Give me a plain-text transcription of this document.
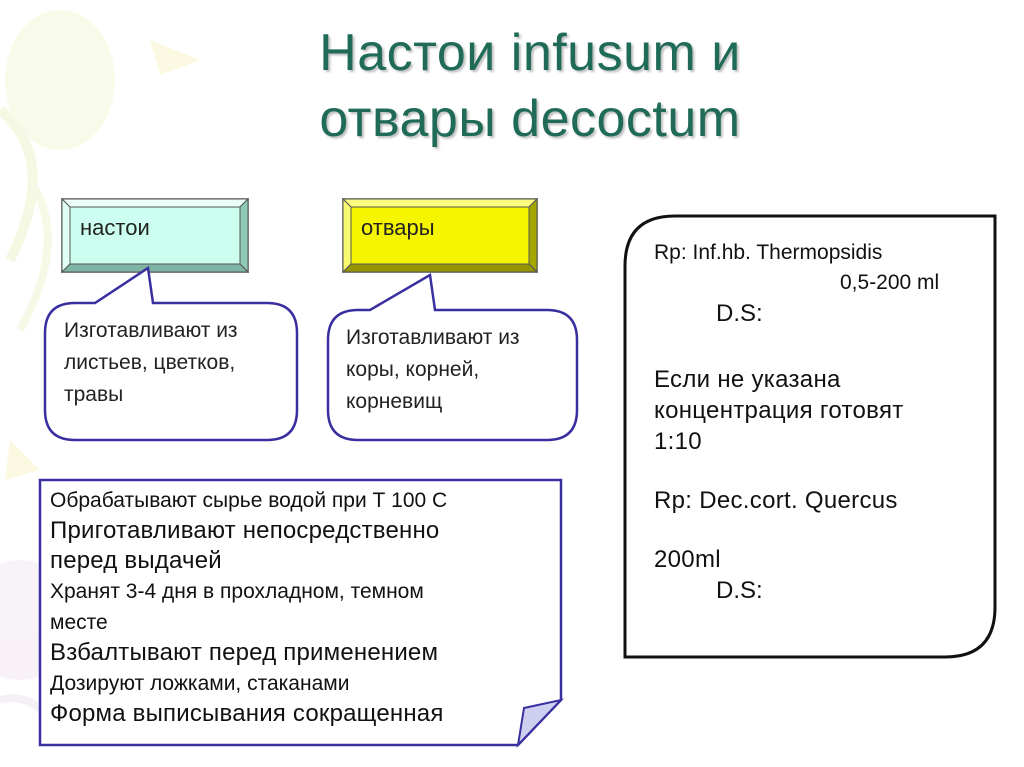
Настои infusum и
отвары decoctum
настои	отвары
Изготавливают из
листьев, цветков,
травы
Изготавливают из
коры, корней,
корневищ
Rp: Inf.hb. Thermopsidis
0,5-200 ml
D.S:
Если не указана
концентрация готовят
1:10
Rp: Dec.cort. Quercus
200ml
D.S:
Обрабатывают сырье водой при Т 100 С
Приготавливают непосредственно
перед выдачей
Хранят 3-4 дня в прохладном, темном
месте
Взбалтывают перед применением
Дозируют ложками, стаканами
Форма выписывания сокращенная
